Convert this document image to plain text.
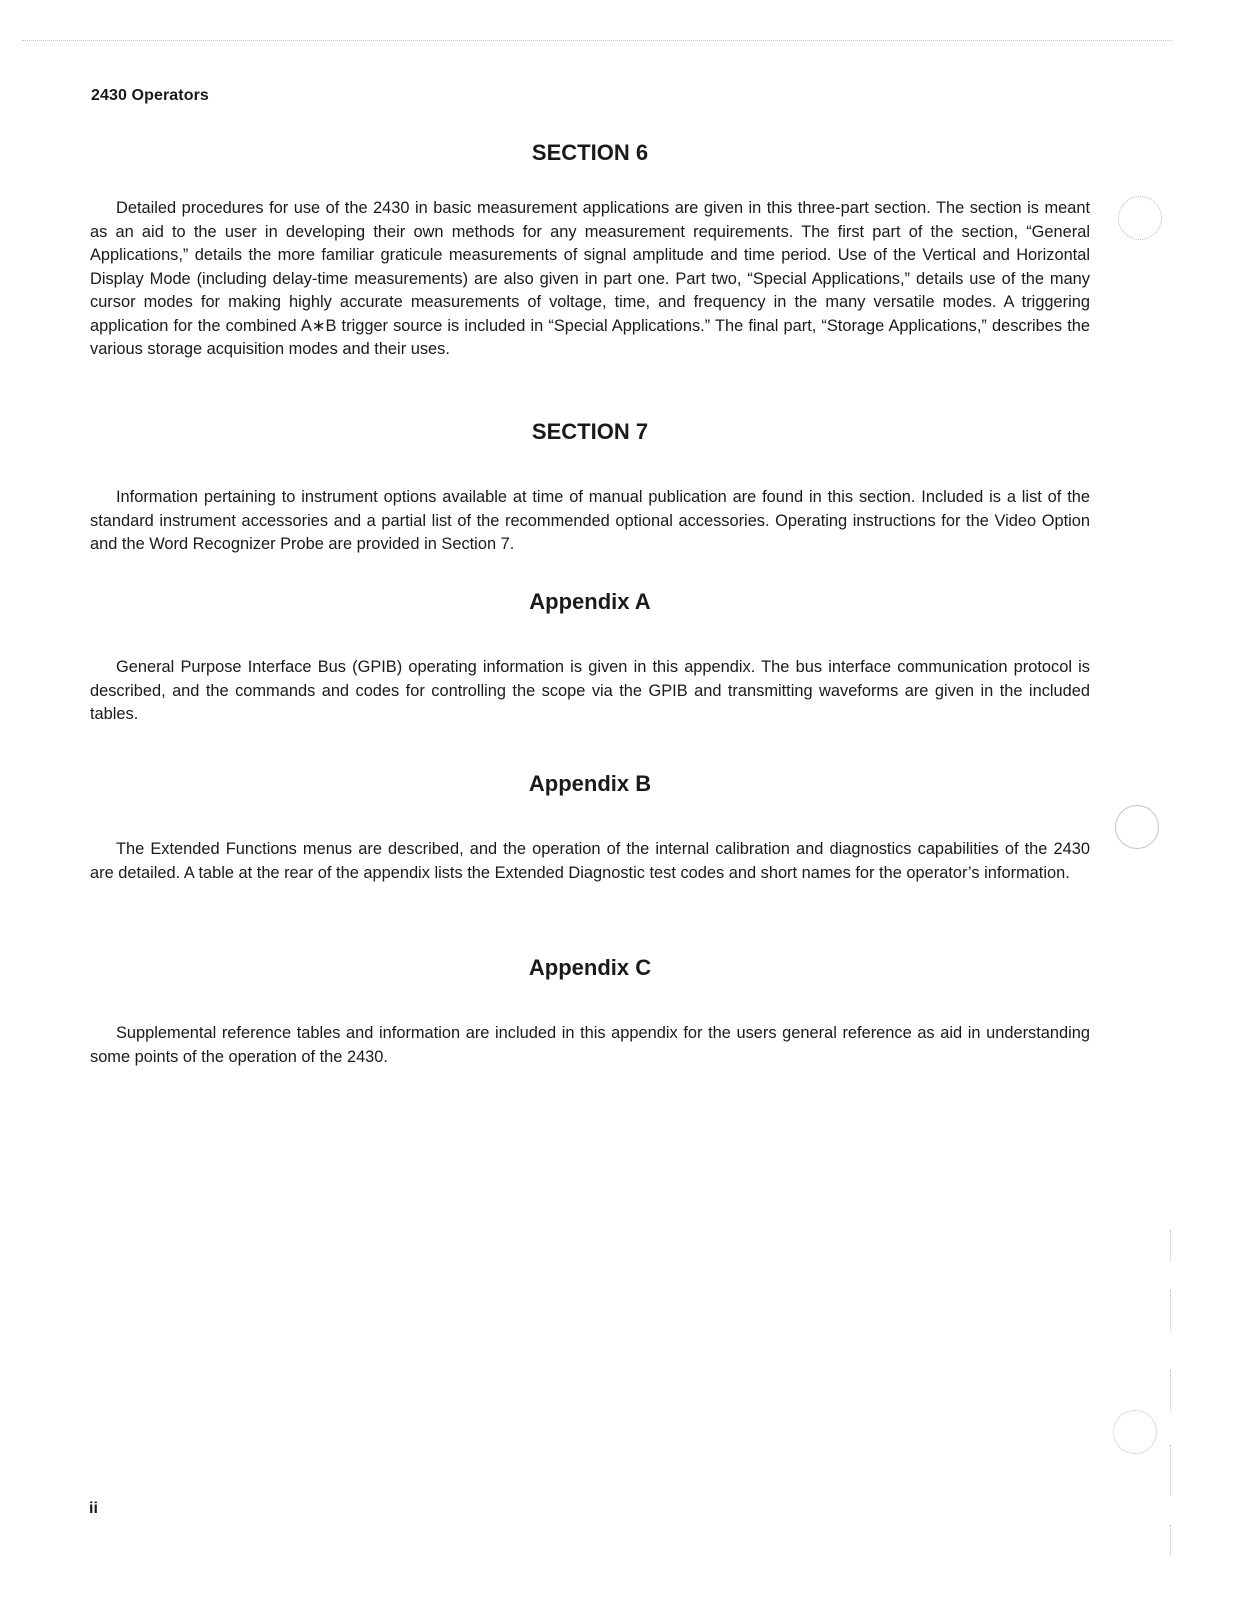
2430 Operators
SECTION 6

Detailed procedures for use of the 2430 in basic measurement applications are given in this three-part section. The section is meant as an aid to the user in developing their own methods for any measurement requirements. The first part of the section, “General Applications,” details the more familiar graticule measurements of signal amplitude and time period. Use of the Vertical and Horizontal Display Mode (including delay-time measurements) are also given in part one. Part two, “Special Applications,” details use of the many cursor modes for making highly accurate measurements of voltage, time, and frequency in the many versatile modes. A triggering application for the combined A∗B trigger source is included in “Special Applications.” The final part, “Storage Applications,” describes the various storage acquisition modes and their uses.

SECTION 7

Information pertaining to instrument options available at time of manual publication are found in this section. Included is a list of the standard instrument accessories and a partial list of the recommended optional accessories. Operating instructions for the Video Option and the Word Recognizer Probe are provided in Section 7.

Appendix A

General Purpose Interface Bus (GPIB) operating information is given in this appendix. The bus interface communication protocol is described, and the commands and codes for controlling the scope via the GPIB and transmitting waveforms are given in the included tables.

Appendix B

The Extended Functions menus are described, and the operation of the internal calibration and diagnostics capabilities of the 2430 are detailed. A table at the rear of the appendix lists the Extended Diagnostic test codes and short names for the operator’s information.

Appendix C

Supplemental reference tables and information are included in this appendix for the users general reference as aid in understanding some points of the operation of the 2430.

ii
